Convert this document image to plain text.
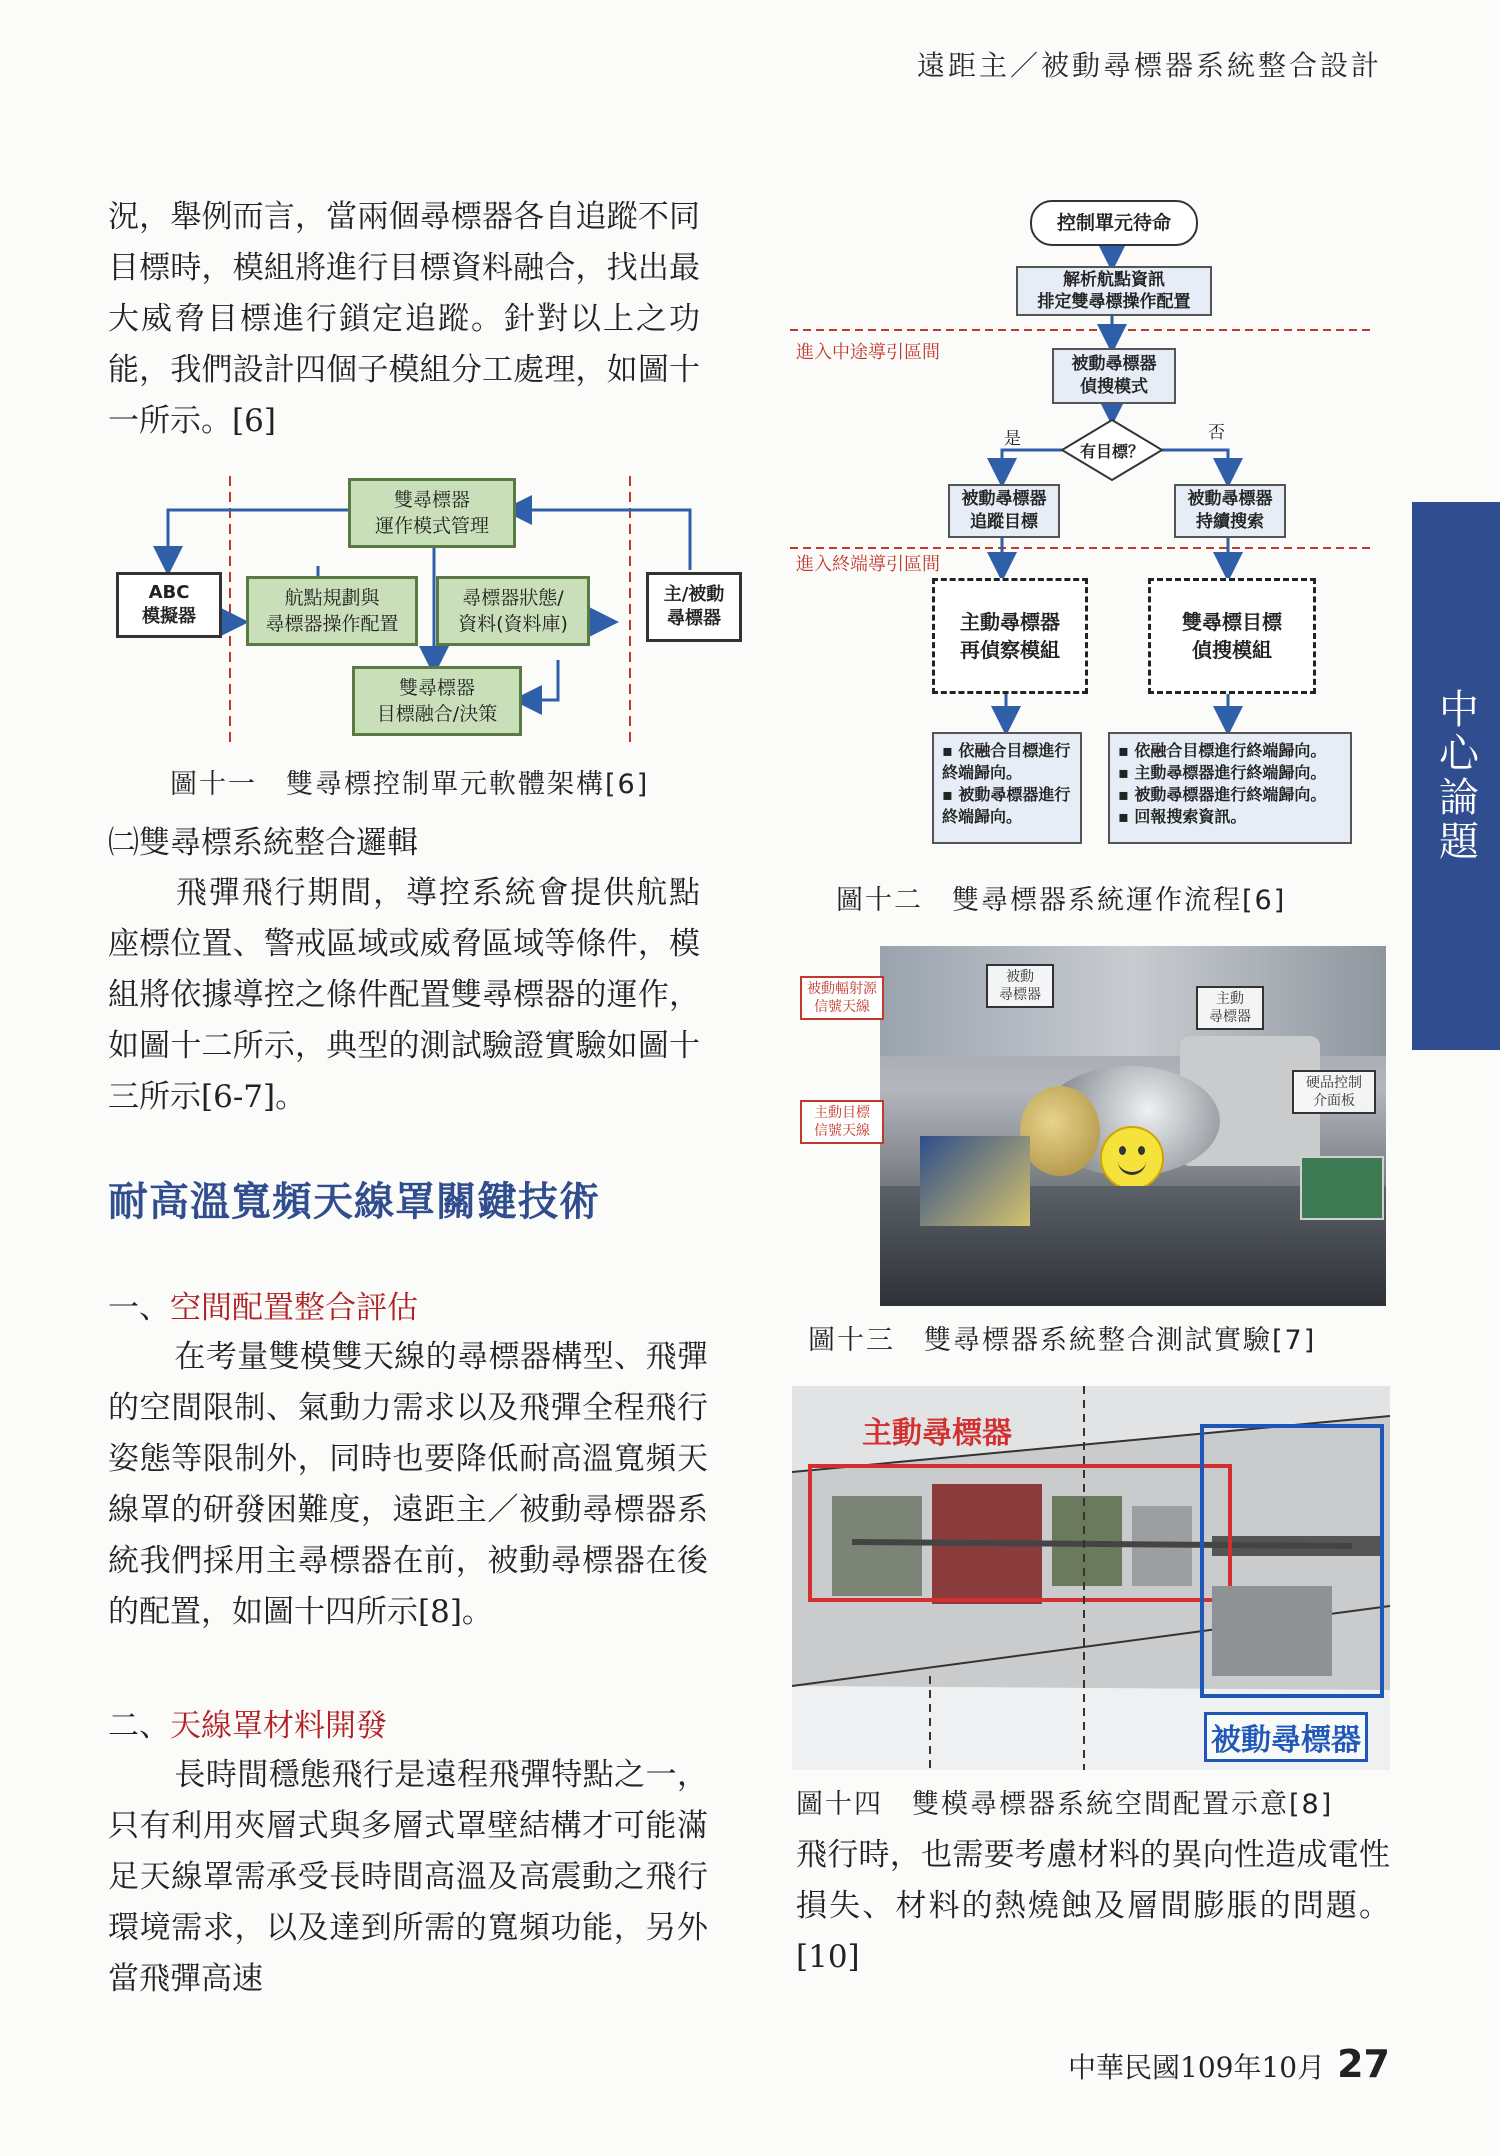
遠距主／被動尋標器系統整合設計
中心論題

況，舉例而言，當兩個尋標器各自追蹤不同目標時，模組將進行目標資料融合，找出最大威脅目標進行鎖定追蹤。針對以上之功能，我們設計四個子模組分工處理，如圖十一所示。[6]

雙尋標器
運作模式管理
ABC
模擬器
航點規劃與
尋標器操作配置
尋標器狀態/
資料(資料庫)
主/被動
尋標器
雙尋標器
目標融合/決策
圖十一　雙尋標控制單元軟體架構[6]
㈡雙尋標系統整合邏輯

飛彈飛行期間，導控系統會提供航點座標位置、警戒區域或威脅區域等條件，模組將依據導控之條件配置雙尋標器的運作，如圖十二所示，典型的測試驗證實驗如圖十三所示[6-7]。

耐高溫寬頻天線罩關鍵技術
一、空間配置整合評估

在考量雙模雙天線的尋標器構型、飛彈的空間限制、氣動力需求以及飛彈全程飛行姿態等限制外，同時也要降低耐高溫寬頻天線罩的研發困難度，遠距主／被動尋標器系統我們採用主尋標器在前，被動尋標器在後的配置，如圖十四所示[8]。

二、天線罩材料開發

長時間穩態飛行是遠程飛彈特點之一，只有利用夾層式與多層式罩壁結構才可能滿足天線罩需承受長時間高溫及高震動之飛行環境需求，以及達到所需的寬頻功能，另外當飛彈高速

控制單元待命
解析航點資訊
排定雙尋標操作配置
進入中途導引區間
被動尋標器
偵搜模式
是	否
有目標？
被動尋標器
追蹤目標
被動尋標器
持續搜索
進入終端導引區間
主動尋標器
再偵察模組
雙尋標目標
偵搜模組
▪ 依融合目標進行終端歸向。
▪ 被動尋標器進行終端歸向。
▪ 依融合目標進行終端歸向。
▪ 主動尋標器進行終端歸向。
▪ 被動尋標器進行終端歸向。
▪ 回報搜索資訊。
圖十二　雙尋標器系統運作流程[6]
被動輻射源
信號天線
被動
尋標器	主動
尋標器
主動目標
信號天線
硬品控制
介面板
圖十三　雙尋標器系統整合測試實驗[7]
主動尋標器
被動尋標器
圖十四　雙模尋標器系統空間配置示意[8]

飛行時，也需要考慮材料的異向性造成電性損失、材料的熱燒蝕及層間膨脹的問題。[10]

中華民國109年10月 27
